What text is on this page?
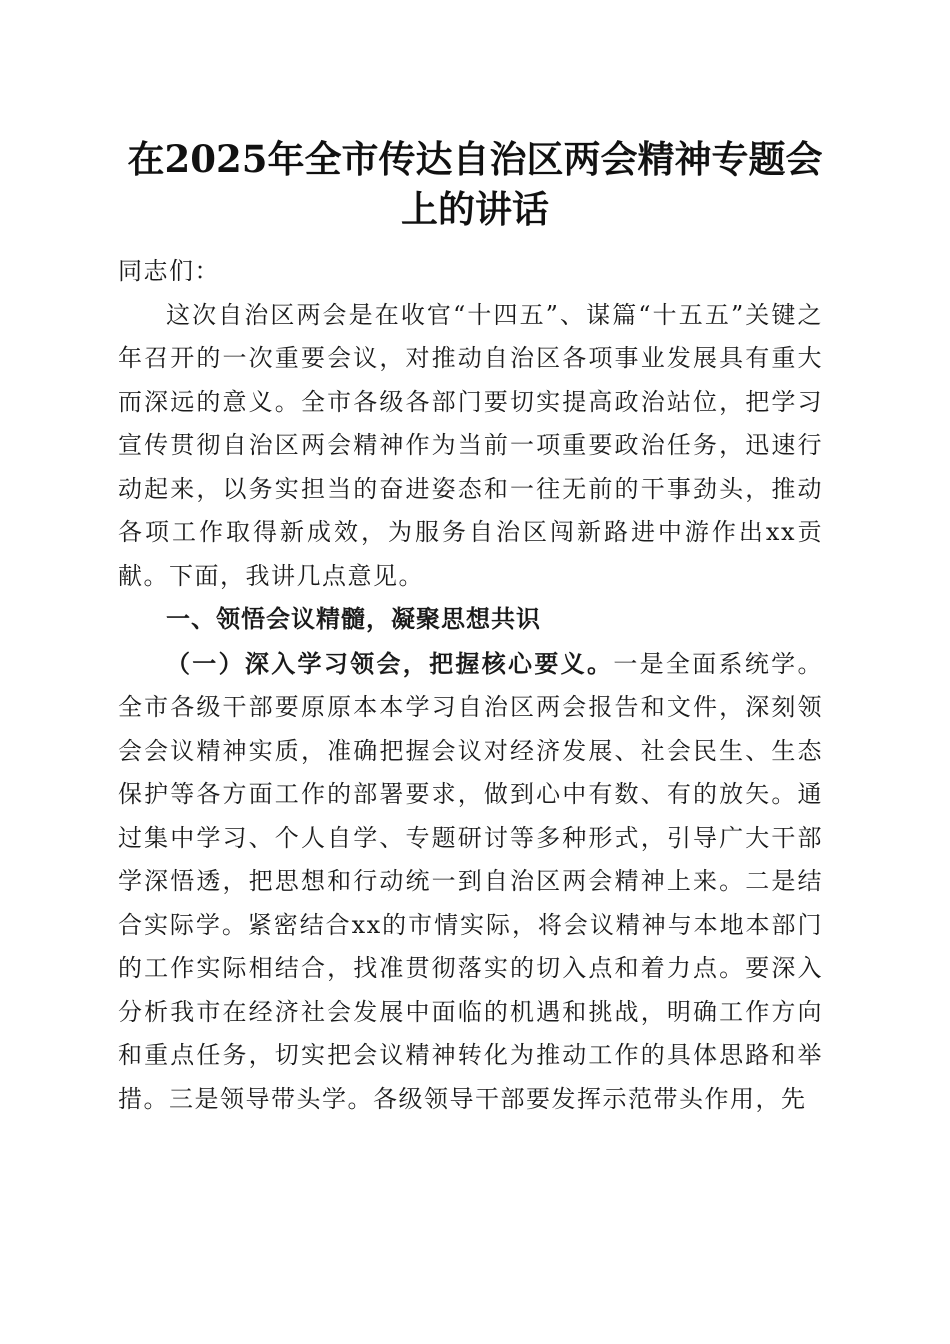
在2025年全市传达自治区两会精神专题会上的讲话

同志们：

这次自治区两会是在收官“十四五”、谋篇“十五五”关键之年召开的一次重要会议，对推动自治区各项事业发展具有重大而深远的意义。全市各级各部门要切实提高政治站位，把学习宣传贯彻自治区两会精神作为当前一项重要政治任务，迅速行动起来，以务实担当的奋进姿态和一往无前的干事劲头，推动各项工作取得新成效，为服务自治区闯新路进中游作出xx贡献。下面，我讲几点意见。

一、领悟会议精髓，凝聚思想共识

（一）深入学习领会，把握核心要义。一是全面系统学。全市各级干部要原原本本学习自治区两会报告和文件，深刻领会会议精神实质，准确把握会议对经济发展、社会民生、生态保护等各方面工作的部署要求，做到心中有数、有的放矢。通过集中学习、个人自学、专题研讨等多种形式，引导广大干部学深悟透，把思想和行动统一到自治区两会精神上来。二是结合实际学。紧密结合xx的市情实际，将会议精神与本地本部门的工作实际相结合，找准贯彻落实的切入点和着力点。要深入分析我市在经济社会发展中面临的机遇和挑战，明确工作方向和重点任务，切实把会议精神转化为推动工作的具体思路和举措。三是领导带头学。各级领导干部要发挥示范带头作用，先
